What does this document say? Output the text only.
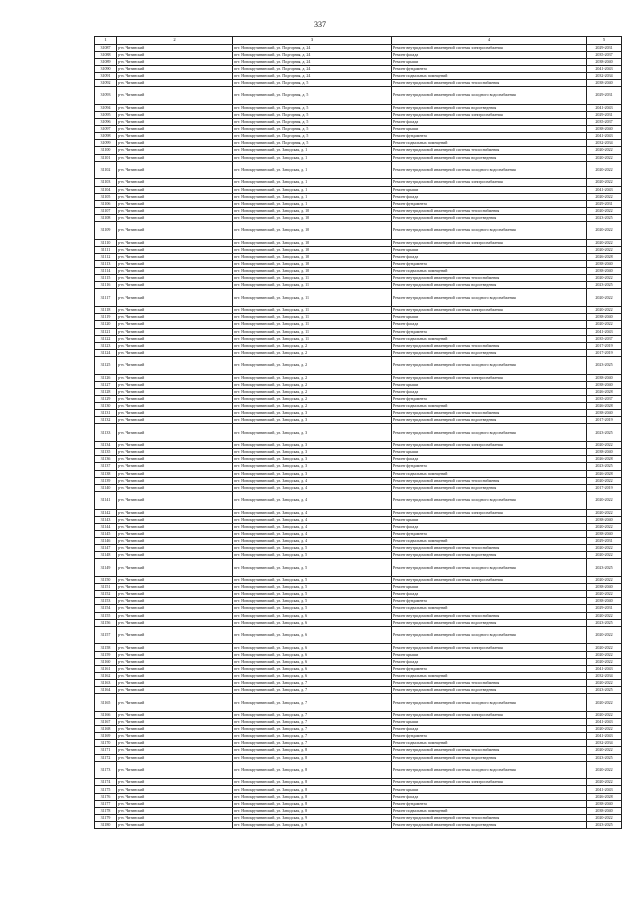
337
1	2	3	4	5
31087	р-н. Читинский	пгт. Новокручининский, ул. Подгорная, д. 24	Ремонт внутридомовой инженерной системы электроснабжения	2029-2031
31088	р-н. Читинский	пгт. Новокручининский, ул. Подгорная, д. 24	Ремонт фасада	2035-2037
31089	р-н. Читинский	пгт. Новокручининский, ул. Подгорная, д. 24	Ремонт крыши	2038-2040
31090	р-н. Читинский	пгт. Новокручининский, ул. Подгорная, д. 24	Ремонт фундамента	2041-2043
31091	р-н. Читинский	пгт. Новокручининский, ул. Подгорная, д. 24	Ремонт подвальных помещений	2032-2034
31092	р-н. Читинский	пгт. Новокручининский, ул. Подгорная, д. 5	Ремонт внутридомовой инженерной системы теплоснабжения	2038-2040
31093	р-н. Читинский	пгт. Новокручининский, ул. Подгорная, д. 5	Ремонт внутридомовой инженерной системы холодного водоснабжения	2029-2031
31094	р-н. Читинский	пгт. Новокручининский, ул. Подгорная, д. 5	Ремонт внутридомовой инженерной системы водоотведения	2041-2043
31095	р-н. Читинский	пгт. Новокручининский, ул. Подгорная, д. 5	Ремонт внутридомовой инженерной системы электроснабжения	2029-2031
31096	р-н. Читинский	пгт. Новокручининский, ул. Подгорная, д. 5	Ремонт фасада	2035-2037
31097	р-н. Читинский	пгт. Новокручининский, ул. Подгорная, д. 5	Ремонт крыши	2038-2040
31098	р-н. Читинский	пгт. Новокручининский, ул. Подгорная, д. 5	Ремонт фундамента	2041-2043
31099	р-н. Читинский	пгт. Новокручининский, ул. Подгорная, д. 5	Ремонт подвальных помещений	2032-2034
31100	р-н. Читинский	пгт. Новокручининский, ул. Заводская, д. 1	Ремонт внутридомовой инженерной системы теплоснабжения	2020-2022
31101	р-н. Читинский	пгт. Новокручининский, ул. Заводская, д. 1	Ремонт внутридомовой инженерной системы водоотведения	2020-2022
31102	р-н. Читинский	пгт. Новокручининский, ул. Заводская, д. 1	Ремонт внутридомовой инженерной системы холодного водоснабжения	2020-2022
31103	р-н. Читинский	пгт. Новокручининский, ул. Заводская, д. 1	Ремонт внутридомовой инженерной системы электроснабжения	2020-2022
31104	р-н. Читинский	пгт. Новокручининский, ул. Заводская, д. 1	Ремонт крыши	2041-2043
31105	р-н. Читинский	пгт. Новокручининский, ул. Заводская, д. 1	Ремонт фасада	2020-2022
31106	р-н. Читинский	пгт. Новокручининский, ул. Заводская, д. 1	Ремонт фундамента	2029-2031
31107	р-н. Читинский	пгт. Новокручининский, ул. Заводская, д. 10	Ремонт внутридомовой инженерной системы теплоснабжения	2020-2022
31108	р-н. Читинский	пгт. Новокручининский, ул. Заводская, д. 10	Ремонт внутридомовой инженерной системы водоотведения	2023-2025
31109	р-н. Читинский	пгт. Новокручининский, ул. Заводская, д. 10	Ремонт внутридомовой инженерной системы холодного водоснабжения	2020-2022
31110	р-н. Читинский	пгт. Новокручининский, ул. Заводская, д. 10	Ремонт внутридомовой инженерной системы электроснабжения	2020-2022
31111	р-н. Читинский	пгт. Новокручининский, ул. Заводская, д. 10	Ремонт крыши	2020-2022
31112	р-н. Читинский	пгт. Новокручининский, ул. Заводская, д. 10	Ремонт фасада	2026-2028
31113	р-н. Читинский	пгт. Новокручининский, ул. Заводская, д. 10	Ремонт фундамента	2038-2040
31114	р-н. Читинский	пгт. Новокручининский, ул. Заводская, д. 10	Ремонт подвальных помещений	2038-2040
31115	р-н. Читинский	пгт. Новокручининский, ул. Заводская, д. 11	Ремонт внутридомовой инженерной системы теплоснабжения	2020-2022
31116	р-н. Читинский	пгт. Новокручининский, ул. Заводская, д. 11	Ремонт внутридомовой инженерной системы водоотведения	2023-2025
31117	р-н. Читинский	пгт. Новокручининский, ул. Заводская, д. 11	Ремонт внутридомовой инженерной системы холодного водоснабжения	2020-2022
31118	р-н. Читинский	пгт. Новокручининский, ул. Заводская, д. 11	Ремонт внутридомовой инженерной системы электроснабжения	2020-2022
31119	р-н. Читинский	пгт. Новокручининский, ул. Заводская, д. 11	Ремонт крыши	2038-2040
31120	р-н. Читинский	пгт. Новокручининский, ул. Заводская, д. 11	Ремонт фасада	2020-2022
31121	р-н. Читинский	пгт. Новокручининский, ул. Заводская, д. 11	Ремонт фундамента	2041-2043
31122	р-н. Читинский	пгт. Новокручининский, ул. Заводская, д. 11	Ремонт подвальных помещений	2035-2037
31123	р-н. Читинский	пгт. Новокручининский, ул. Заводская, д. 2	Ремонт внутридомовой инженерной системы теплоснабжения	2017-2019
31124	р-н. Читинский	пгт. Новокручининский, ул. Заводская, д. 2	Ремонт внутридомовой инженерной системы водоотведения	2017-2019
31125	р-н. Читинский	пгт. Новокручининский, ул. Заводская, д. 2	Ремонт внутридомовой инженерной системы холодного водоснабжения	2023-2025
31126	р-н. Читинский	пгт. Новокручининский, ул. Заводская, д. 2	Ремонт внутридомовой инженерной системы электроснабжения	2038-2040
31127	р-н. Читинский	пгт. Новокручининский, ул. Заводская, д. 2	Ремонт крыши	2038-2040
31128	р-н. Читинский	пгт. Новокручининский, ул. Заводская, д. 2	Ремонт фасада	2026-2028
31129	р-н. Читинский	пгт. Новокручининский, ул. Заводская, д. 2	Ремонт фундамента	2035-2037
31130	р-н. Читинский	пгт. Новокручининский, ул. Заводская, д. 2	Ремонт подвальных помещений	2026-2028
31131	р-н. Читинский	пгт. Новокручининский, ул. Заводская, д. 3	Ремонт внутридомовой инженерной системы теплоснабжения	2038-2040
31132	р-н. Читинский	пгт. Новокручининский, ул. Заводская, д. 3	Ремонт внутридомовой инженерной системы водоотведения	2017-2019
31133	р-н. Читинский	пгт. Новокручининский, ул. Заводская, д. 3	Ремонт внутридомовой инженерной системы холодного водоснабжения	2023-2025
31134	р-н. Читинский	пгт. Новокручининский, ул. Заводская, д. 3	Ремонт внутридомовой инженерной системы электроснабжения	2020-2022
31135	р-н. Читинский	пгт. Новокручининский, ул. Заводская, д. 3	Ремонт крыши	2038-2040
31136	р-н. Читинский	пгт. Новокручининский, ул. Заводская, д. 3	Ремонт фасада	2026-2028
31137	р-н. Читинский	пгт. Новокручининский, ул. Заводская, д. 3	Ремонт фундамента	2023-2025
31138	р-н. Читинский	пгт. Новокручининский, ул. Заводская, д. 3	Ремонт подвальных помещений	2026-2028
31139	р-н. Читинский	пгт. Новокручининский, ул. Заводская, д. 4	Ремонт внутридомовой инженерной системы теплоснабжения	2020-2022
31140	р-н. Читинский	пгт. Новокручининский, ул. Заводская, д. 4	Ремонт внутридомовой инженерной системы водоотведения	2017-2019
31141	р-н. Читинский	пгт. Новокручининский, ул. Заводская, д. 4	Ремонт внутридомовой инженерной системы холодного водоснабжения	2020-2022
31142	р-н. Читинский	пгт. Новокручининский, ул. Заводская, д. 4	Ремонт внутридомовой инженерной системы электроснабжения	2020-2022
31143	р-н. Читинский	пгт. Новокручининский, ул. Заводская, д. 4	Ремонт крыши	2038-2040
31144	р-н. Читинский	пгт. Новокручининский, ул. Заводская, д. 4	Ремонт фасада	2020-2022
31145	р-н. Читинский	пгт. Новокручининский, ул. Заводская, д. 4	Ремонт фундамента	2038-2040
31146	р-н. Читинский	пгт. Новокручининский, ул. Заводская, д. 4	Ремонт подвальных помещений	2029-2031
31147	р-н. Читинский	пгт. Новокручининский, ул. Заводская, д. 5	Ремонт внутридомовой инженерной системы теплоснабжения	2020-2022
31148	р-н. Читинский	пгт. Новокручининский, ул. Заводская, д. 5	Ремонт внутридомовой инженерной системы водоотведения	2020-2022
31149	р-н. Читинский	пгт. Новокручининский, ул. Заводская, д. 5	Ремонт внутридомовой инженерной системы холодного водоснабжения	2023-2025
31150	р-н. Читинский	пгт. Новокручининский, ул. Заводская, д. 5	Ремонт внутридомовой инженерной системы электроснабжения	2020-2022
31151	р-н. Читинский	пгт. Новокручининский, ул. Заводская, д. 5	Ремонт крыши	2038-2040
31152	р-н. Читинский	пгт. Новокручининский, ул. Заводская, д. 5	Ремонт фасада	2020-2022
31153	р-н. Читинский	пгт. Новокручининский, ул. Заводская, д. 5	Ремонт фундамента	2038-2040
31154	р-н. Читинский	пгт. Новокручининский, ул. Заводская, д. 5	Ремонт подвальных помещений	2029-2031
31155	р-н. Читинский	пгт. Новокручининский, ул. Заводская, д. 6	Ремонт внутридомовой инженерной системы теплоснабжения	2020-2022
31156	р-н. Читинский	пгт. Новокручининский, ул. Заводская, д. 6	Ремонт внутридомовой инженерной системы водоотведения	2023-2025
31157	р-н. Читинский	пгт. Новокручининский, ул. Заводская, д. 6	Ремонт внутридомовой инженерной системы холодного водоснабжения	2020-2022
31158	р-н. Читинский	пгт. Новокручининский, ул. Заводская, д. 6	Ремонт внутридомовой инженерной системы электроснабжения	2020-2022
31159	р-н. Читинский	пгт. Новокручининский, ул. Заводская, д. 6	Ремонт крыши	2020-2022
31160	р-н. Читинский	пгт. Новокручининский, ул. Заводская, д. 6	Ремонт фасада	2020-2022
31161	р-н. Читинский	пгт. Новокручининский, ул. Заводская, д. 6	Ремонт фундамента	2041-2043
31162	р-н. Читинский	пгт. Новокручининский, ул. Заводская, д. 6	Ремонт подвальных помещений	2032-2034
31163	р-н. Читинский	пгт. Новокручининский, ул. Заводская, д. 7	Ремонт внутридомовой инженерной системы теплоснабжения	2020-2022
31164	р-н. Читинский	пгт. Новокручининский, ул. Заводская, д. 7	Ремонт внутридомовой инженерной системы водоотведения	2023-2025
31165	р-н. Читинский	пгт. Новокручининский, ул. Заводская, д. 7	Ремонт внутридомовой инженерной системы холодного водоснабжения	2020-2022
31166	р-н. Читинский	пгт. Новокручининский, ул. Заводская, д. 7	Ремонт внутридомовой инженерной системы электроснабжения	2020-2022
31167	р-н. Читинский	пгт. Новокручининский, ул. Заводская, д. 7	Ремонт крыши	2041-2043
31168	р-н. Читинский	пгт. Новокручининский, ул. Заводская, д. 7	Ремонт фасада	2020-2022
31169	р-н. Читинский	пгт. Новокручининский, ул. Заводская, д. 7	Ремонт фундамента	2041-2043
31170	р-н. Читинский	пгт. Новокручининский, ул. Заводская, д. 7	Ремонт подвальных помещений	2032-2034
31171	р-н. Читинский	пгт. Новокручининский, ул. Заводская, д. 8	Ремонт внутридомовой инженерной системы теплоснабжения	2020-2022
31172	р-н. Читинский	пгт. Новокручининский, ул. Заводская, д. 8	Ремонт внутридомовой инженерной системы водоотведения	2023-2025
31173	р-н. Читинский	пгт. Новокручининский, ул. Заводская, д. 8	Ремонт внутридомовой инженерной системы холодного водоснабжения	2020-2022
31174	р-н. Читинский	пгт. Новокручининский, ул. Заводская, д. 8	Ремонт внутридомовой инженерной системы электроснабжения	2020-2022
31175	р-н. Читинский	пгт. Новокручининский, ул. Заводская, д. 8	Ремонт крыши	2041-2043
31176	р-н. Читинский	пгт. Новокручининский, ул. Заводская, д. 8	Ремонт фасада	2026-2028
31177	р-н. Читинский	пгт. Новокручининский, ул. Заводская, д. 8	Ремонт фундамента	2038-2040
31178	р-н. Читинский	пгт. Новокручининский, ул. Заводская, д. 8	Ремонт подвальных помещений	2038-2040
31179	р-н. Читинский	пгт. Новокручининский, ул. Заводская, д. 9	Ремонт внутридомовой инженерной системы теплоснабжения	2020-2022
31180	р-н. Читинский	пгт. Новокручининский, ул. Заводская, д. 9	Ремонт внутридомовой инженерной системы водоотведения	2023-2025
